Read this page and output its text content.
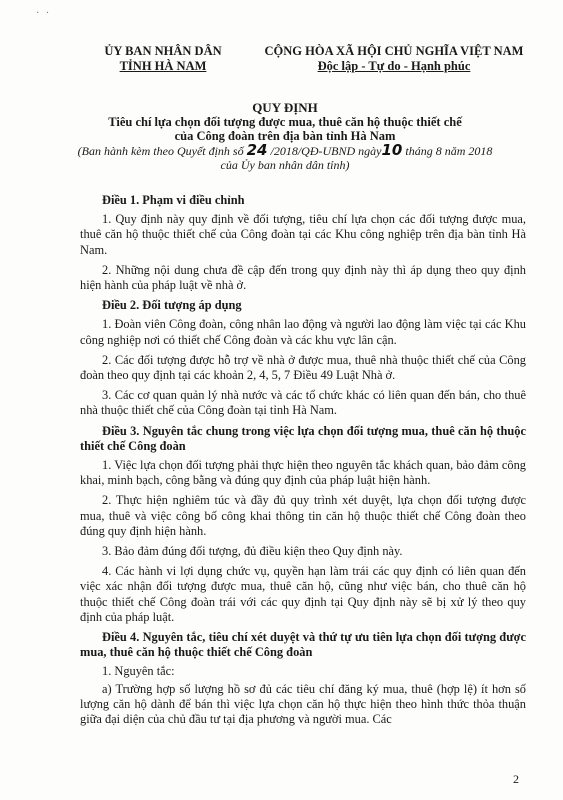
· ·
ỦY BAN NHÂN DÂN
TỈNH HÀ NAM
CỘNG HÒA XÃ HỘI CHỦ NGHĨA VIỆT NAM
Độc lập - Tự do - Hạnh phúc
QUY ĐỊNH
Tiêu chí lựa chọn đối tượng được mua, thuê căn hộ thuộc thiết chế
của Công đoàn trên địa bàn tỉnh Hà Nam
(Ban hành kèm theo Quyết định số 24 /2018/QĐ-UBND ngày10 tháng 8 năm 2018
của Ủy ban nhân dân tỉnh)
Điều 1. Phạm vi điều chỉnh
1. Quy định này quy định về đối tượng, tiêu chí lựa chọn các đối tượng được mua, thuê căn hộ thuộc thiết chế của Công đoàn tại các Khu công nghiệp trên địa bàn tỉnh Hà Nam.
2. Những nội dung chưa đề cập đến trong quy định này thì áp dụng theo quy định hiện hành của pháp luật về nhà ở.
Điều 2. Đối tượng áp dụng
1. Đoàn viên Công đoàn, công nhân lao động và người lao động làm việc tại các Khu công nghiệp nơi có thiết chế Công đoàn và các khu vực lân cận.
2. Các đối tượng được hỗ trợ về nhà ở được mua, thuê nhà thuộc thiết chế của Công đoàn theo quy định tại các khoản 2, 4, 5, 7 Điều 49 Luật Nhà ở.
3. Các cơ quan quản lý nhà nước và các tổ chức khác có liên quan đến bán, cho thuê nhà thuộc thiết chế của Công đoàn tại tỉnh Hà Nam.
Điều 3. Nguyên tắc chung trong việc lựa chọn đối tượng mua, thuê căn hộ thuộc thiết chế Công đoàn
1. Việc lựa chọn đối tượng phải thực hiện theo nguyên tắc khách quan, bảo đảm công khai, minh bạch, công bằng và đúng quy định của pháp luật hiện hành.
2. Thực hiện nghiêm túc và đầy đủ quy trình xét duyệt, lựa chọn đối tượng được mua, thuê và việc công bố công khai thông tin căn hộ thuộc thiết chế Công đoàn theo đúng quy định hiện hành.
3. Bảo đảm đúng đối tượng, đủ điều kiện theo Quy định này.
4. Các hành vi lợi dụng chức vụ, quyền hạn làm trái các quy định có liên quan đến việc xác nhận đối tượng được mua, thuê căn hộ, cũng như việc bán, cho thuê căn hộ thuộc thiết chế Công đoàn trái với các quy định tại Quy định này sẽ bị xử lý theo quy định của pháp luật.
Điều 4. Nguyên tắc, tiêu chí xét duyệt và thứ tự ưu tiên lựa chọn đối tượng được mua, thuê căn hộ thuộc thiết chế Công đoàn
1. Nguyên tắc:
a) Trường hợp số lượng hồ sơ đủ các tiêu chí đăng ký mua, thuê (hợp lệ) ít hơn số lượng căn hộ dành để bán thì việc lựa chọn căn hộ thực hiện theo hình thức thỏa thuận giữa đại diện của chủ đầu tư tại địa phương và người mua. Các
2
